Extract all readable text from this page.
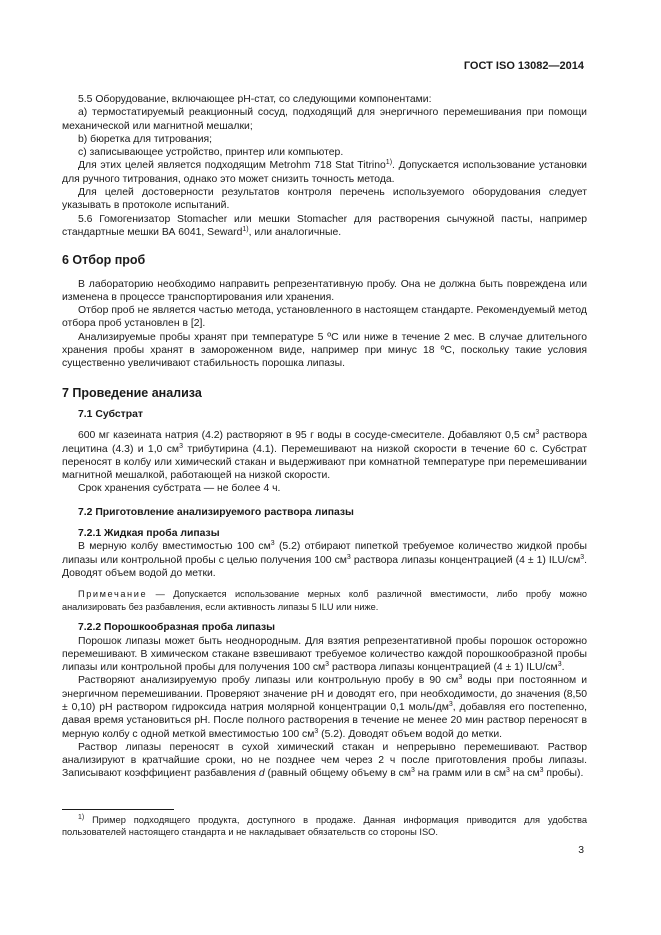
ГОСТ ISO 13082—2014

5.5 Оборудование, включающее pH-стат, со следующими компонентами:

а) термостатируемый реакционный сосуд, подходящий для энергичного перемешивания при помощи механической или магнитной мешалки;

b) бюретка для титрования;

c) записывающее устройство, принтер или компьютер.

Для этих целей является подходящим Metrohm 718 Stat Titrino$^{1)}$. Допускается использование установки для ручного титрования, однако это может снизить точность метода.

Для целей достоверности результатов контроля перечень используемого оборудования следует указывать в протоколе испытаний.

5.6 Гомогенизатор Stomacher или мешки Stomacher для растворения сычужной пасты, например стандартные мешки ВА 6041, Seward$^{1)}$, или аналогичные.

6 Отбор проб

В лабораторию необходимо направить репрезентативную пробу. Она не должна быть повреждена или изменена в процессе транспортирования или хранения.

Отбор проб не является частью метода, установленного в настоящем стандарте. Рекомендуемый метод отбора проб установлен в [2].

Анализируемые пробы хранят при температуре 5 ºС или ниже в течение 2 мес. В случае длительного хранения пробы хранят в замороженном виде, например при минус 18 ºС, поскольку такие условия существенно увеличивают стабильность порошка липазы.

7 Проведение анализа
7.1 Субстрат

600 мг казеината натрия (4.2) растворяют в 95 г воды в сосуде-смесителе. Добавляют 0,5 $см^3$ раствора лецитина (4.3) и 1,0 $см^3$ трибутирина (4.1). Перемешивают на низкой скорости в течение 60 с. Субстрат переносят в колбу или химический стакан и выдерживают при комнатной температуре при перемешивании магнитной мешалкой, работающей на низкой скорости.

Срок хранения субстрата — не более 4 ч.

7.2 Приготовление анализируемого раствора липазы
7.2.1 Жидкая проба липазы

В мерную колбу вместимостью 100 $см^3$ (5.2) отбирают пипеткой требуемое количество жидкой пробы липазы или контрольной пробы с целью получения 100 $см^3$ раствора липазы концентрацией (4 ± 1) ILU/$см^3$. Доводят объем водой до метки.

Примечание — Допускается использование мерных колб различной вместимости, либо пробу можно анализировать без разбавления, если активность липазы 5 ILU или ниже.

7.2.2 Порошкообразная проба липазы

Порошок липазы может быть неоднородным. Для взятия репрезентативной пробы порошок осторожно перемешивают. В химическом стакане взвешивают требуемое количество каждой порошкообразной пробы липазы или контрольной пробы для получения 100 $см^3$ раствора липазы концентрацией (4 ± 1) ILU/$см^3$.

Растворяют анализируемую пробу липазы или контрольную пробу в 90 $см^3$ воды при постоянном и энергичном перемешивании. Проверяют значение pH и доводят его, при необходимости, до значения (8,50 ± 0,10) pH раствором гидроксида натрия молярной концентрации 0,1 моль/$дм^3$, добавляя его постепенно, давая время установиться pH. После полного растворения в течение не менее 20 мин раствор переносят в мерную колбу с одной меткой вместимостью 100 $см^3$ (5.2). Доводят объем водой до метки.

Раствор липазы переносят в сухой химический стакан и непрерывно перемешивают. Раствор анализируют в кратчайшие сроки, но не позднее чем через 2 ч после приготовления пробы липазы. Записывают коэффициент разбавления d (равный общему объему в $см^3$ на грамм или в $см^3$ на $см^3$ пробы).

$^{1)}$ Пример подходящего продукта, доступного в продаже. Данная информация приводится для удобства пользователей настоящего стандарта и не накладывает обязательств со стороны ISO.

3
